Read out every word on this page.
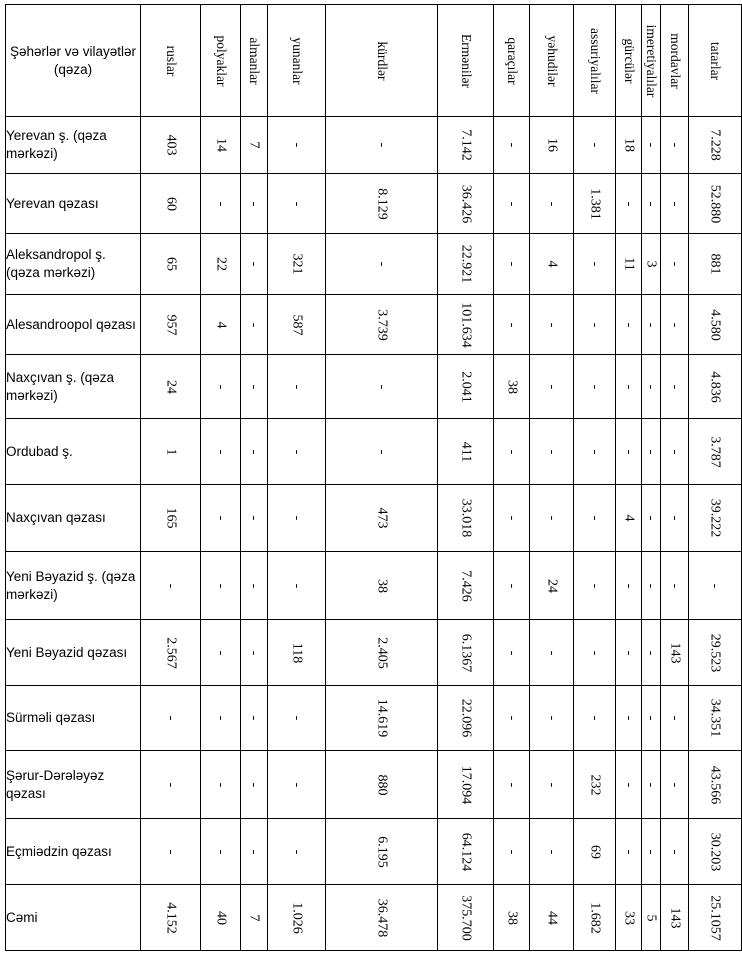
Şəhərlər və vilayətlər (qəza)	ruslar	polyaklar	almanlar	yunanlar	kürdlər	Ermənilər	qaraçılar	yəhudilər	assuriyalılar	gürcülər	imeretiyalılar	mordavlar	tatarlar

Yerevan ş. (qəza mərkəzi)	403	14	7	-	-	7.142	-	16	-	18	-	-	7.228

Yerevan qəzası	60	-	-	-	8.129	36.426	-	-	1.381	-	-	-	52.880

Aleksandropol ş. (qəza mərkəzi)	65	22	-	321	-	22.921	-	4	-	11	3	-	881

Alesandroopol qəzası	957	4	-	587	3.739	101.634	-	-	-	-	-	-	4.580

Naxçıvan ş. (qəza mərkəzi)	24	-	-	-	-	2.041	38	-	-	-	-	-	4.836

Ordubad ş.	1	-	-	-	-	411	-	-	-	-	-	-	3.787

Naxçıvan qəzası	165	-	-	-	473	33.018	-	-	-	4	-	-	39.222

Yeni Bəyazid ş. (qəza mərkəzi)	-	-	-	-	38	7.426	-	24	-	-	-	-	-

Yeni Bəyazid qəzası	2.567	-	-	118	2.405	6.1367	-	-	-	-	-	143	29.523

Sürməli qəzası	-	-	-	-	14.619	22.096	-	-	-	-	-	-	34.351

Şərur-Dərələyəz qəzası	-	-	-	-	880	17.094	-	-	232	-	-	-	43.566

Eçmiədzin qəzası	-	-	-	-	6.195	64.124	-	-	69	-	-	-	30.203

Cəmi	4.152	40	7	1.026	36.478	375.700	38	44	1.682	33	5	143	25.1057
